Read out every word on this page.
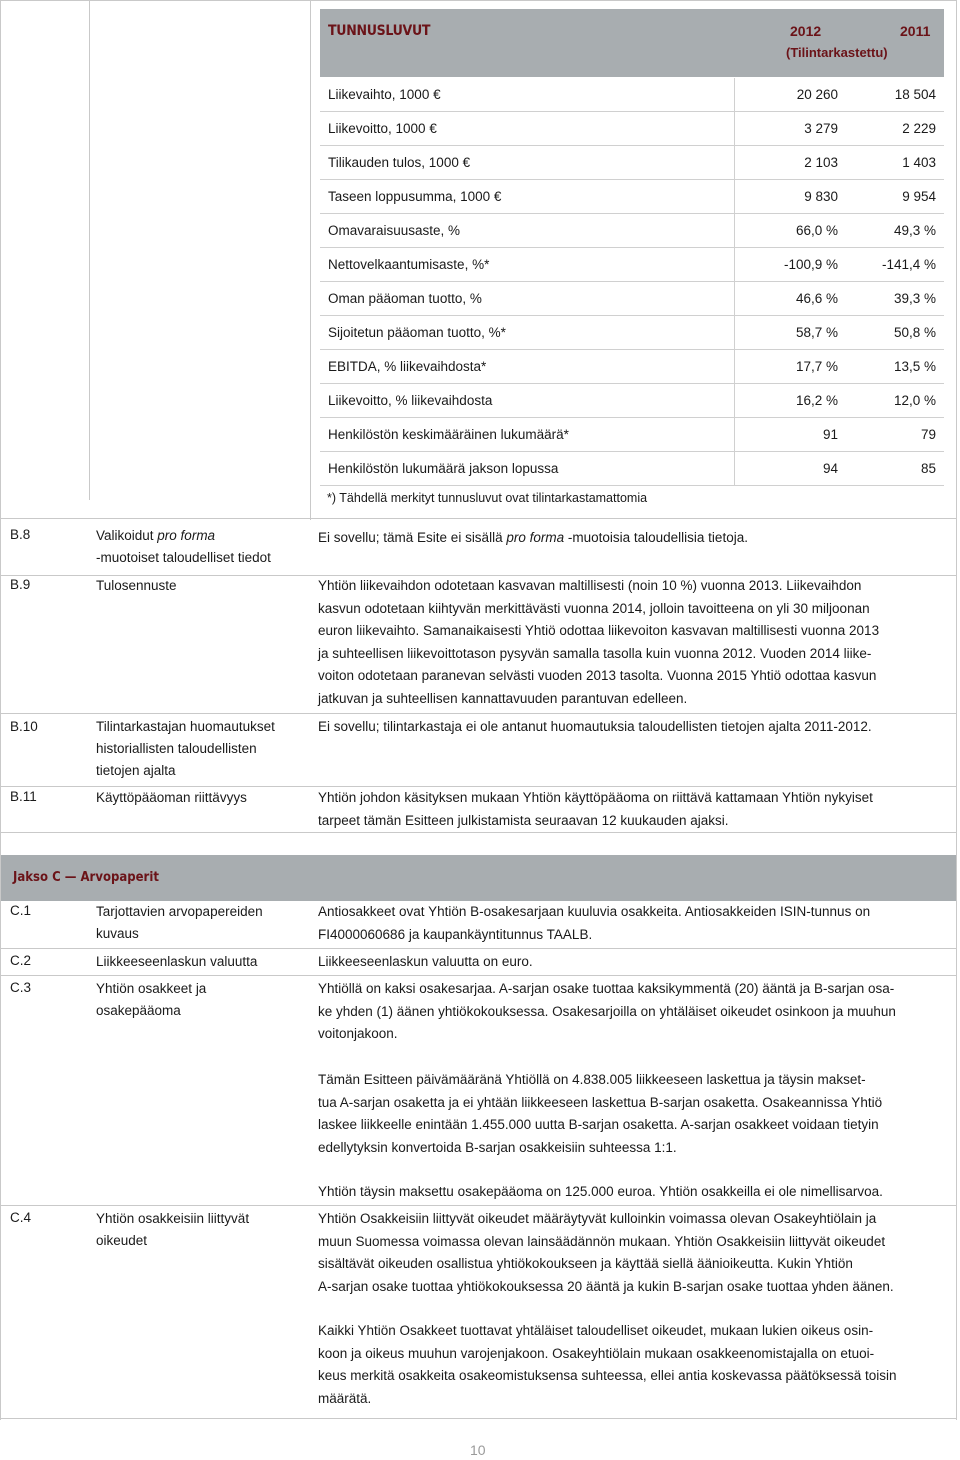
TUNNUSLUVUT	2012	2011
(Tilintarkastettu)
Liikevaihto, 1000 €	20 260	18 504
Liikevoitto, 1000 €	3 279	2 229
Tilikauden tulos, 1000 €	2 103	1 403
Taseen loppusumma, 1000 €	9 830	9 954
Omavaraisuusaste, %	66,0 %	49,3 %
Nettovelkaantumisaste, %*	-100,9 %	-141,4 %
Oman pääoman tuotto, %	46,6 %	39,3 %
Sijoitetun pääoman tuotto, %*	58,7 %	50,8 %
EBITDA, % liikevaihdosta*	17,7 %	13,5 %
Liikevoitto, % liikevaihdosta	16,2 %	12,0 %
Henkilöstön keskimääräinen lukumäärä*	91	79
Henkilöstön lukumäärä jakson lopussa	94	85
*) Tähdellä merkityt tunnusluvut ovat tilintarkastamattomia
B.8	Valikoidut pro forma
-muotoiset taloudelliset tiedot
Ei sovellu; tämä Esite ei sisällä pro forma -muotoisia taloudellisia tietoja.
B.9	Tulosennuste	Yhtiön liikevaihdon odotetaan kasvavan maltillisesti (noin 10 %) vuonna 2013. Liikevaihdon

kasvun odotetaan kiihtyvän merkittävästi vuonna 2014, jolloin tavoitteena on yli 30 miljoonan

euron liikevaihto. Samanaikaisesti Yhtiö odottaa liikevoiton kasvavan maltillisesti vuonna 2013

ja suhteellisen liikevoittotason pysyvän samalla tasolla kuin vuonna 2012. Vuoden 2014 liike-

voiton odotetaan paranevan selvästi vuoden 2013 tasolta. Vuonna 2015 Yhtiö odottaa kasvun

jatkuvan ja suhteellisen kannattavuuden parantuvan edelleen.

B.10	Tilintarkastajan huomautukset
historiallisten taloudellisten
tietojen ajalta
Ei sovellu; tilintarkastaja ei ole antanut huomautuksia taloudellisten tietojen ajalta 2011-2012.
B.11	Käyttöpääoman riittävyys	Yhtiön johdon käsityksen mukaan Yhtiön käyttöpääoma on riittävä kattamaan Yhtiön nykyiset

tarpeet tämän Esitteen julkistamista seuraavan 12 kuukauden ajaksi.

Jakso C — Arvopaperit
C.1	Tarjottavien arvopapereiden
kuvaus

Antiosakkeet ovat Yhtiön B-osakesarjaan kuuluvia osakkeita. Antiosakkeiden ISIN-tunnus on

FI4000060686 ja kaupankäyntitunnus TAALB.

C.2	Liikkeeseenlaskun valuutta	Liikkeeseenlaskun valuutta on euro.
C.3	Yhtiön osakkeet ja
osakepääoma

Yhtiöllä on kaksi osakesarjaa. A-sarjan osake tuottaa kaksikymmentä (20) ääntä ja B-sarjan osa-

ke yhden (1) äänen yhtiökokouksessa. Osakesarjoilla on yhtäläiset oikeudet osinkoon ja muuhun

voitonjakoon.

Tämän Esitteen päivämääränä Yhtiöllä on 4.838.005 liikkeeseen laskettua ja täysin makset-

tua A-sarjan osaketta ja ei yhtään liikkeeseen laskettua B-sarjan osaketta. Osakeannissa Yhtiö

laskee liikkeelle enintään 1.455.000 uutta B-sarjan osaketta. A-sarjan osakkeet voidaan tietyin

edellytyksin konvertoida B-sarjan osakkeisiin suhteessa 1:1.

Yhtiön täysin maksettu osakepääoma on 125.000 euroa. Yhtiön osakkeilla ei ole nimellisarvoa.
C.4	Yhtiön osakkeisiin liittyvät
oikeudet

Yhtiön Osakkeisiin liittyvät oikeudet määräytyvät kulloinkin voimassa olevan Osakeyhtiölain ja

muun Suomessa voimassa olevan lainsäädännön mukaan. Yhtiön Osakkeisiin liittyvät oikeudet

sisältävät oikeuden osallistua yhtiökokoukseen ja käyttää siellä äänioikeutta. Kukin Yhtiön

A-sarjan osake tuottaa yhtiökokouksessa 20 ääntä ja kukin B-sarjan osake tuottaa yhden äänen.

Kaikki Yhtiön Osakkeet tuottavat yhtäläiset taloudelliset oikeudet, mukaan lukien oikeus osin-

koon ja oikeus muuhun varojenjakoon. Osakeyhtiölain mukaan osakkeenomistajalla on etuoi-

keus merkitä osakkeita osakeomistuksensa suhteessa, ellei antia koskevassa päätöksessä toisin

määrätä.

10
